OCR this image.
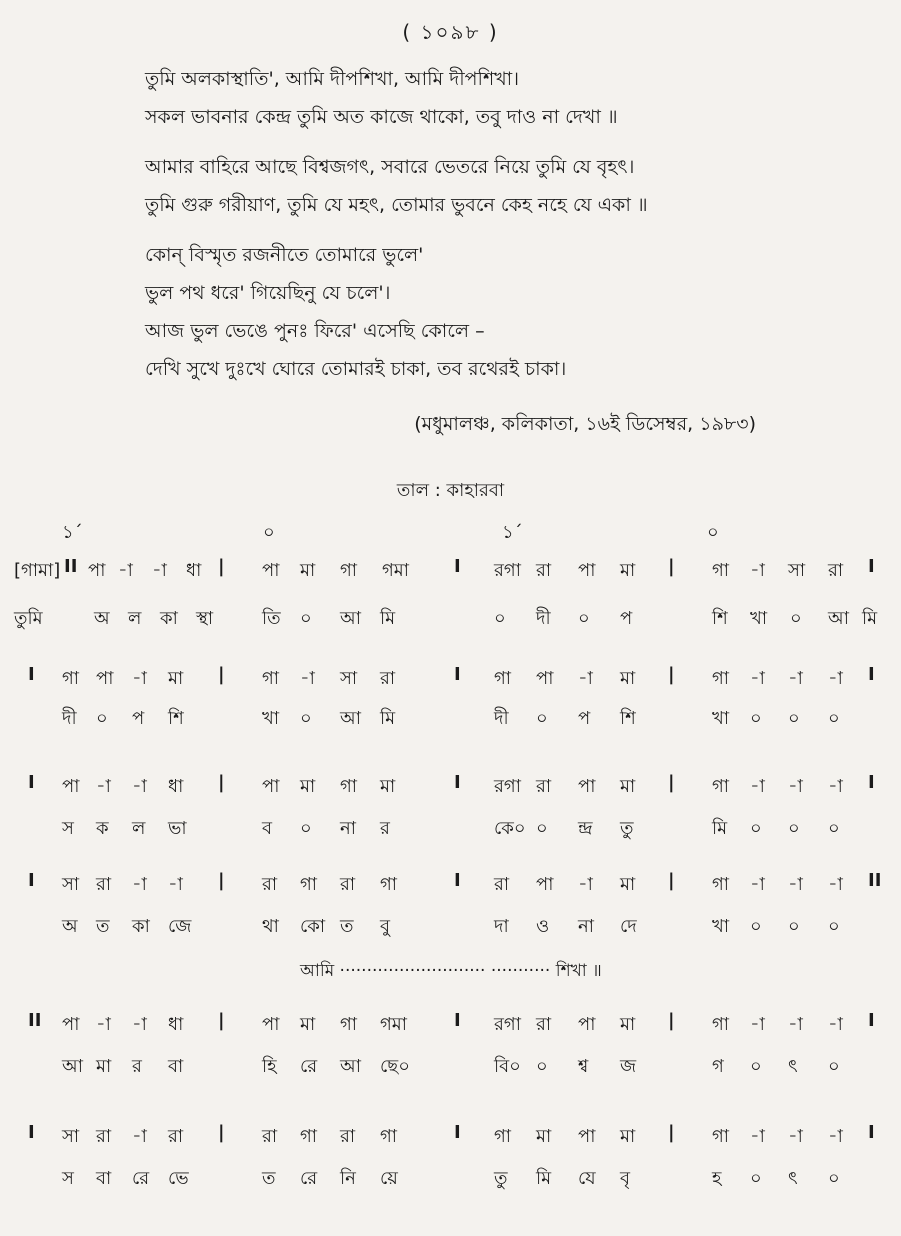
( ১০৯৮ )
তুমি অলকাস্থাতি', আমি দীপশিখা, আমি দীপশিখা।
সকল ভাবনার কেন্দ্র তুমি অত কাজে থাকো, তবু দাও না দেখা ॥
আমার বাহিরে আছে বিশ্বজগৎ, সবারে ভেতরে নিয়ে তুমি যে বৃহৎ।
তুমি গুরু গরীয়াণ, তুমি যে মহৎ, তোমার ভুবনে কেহ নহে যে একা ॥
কোন্ বিস্মৃত রজনীতে তোমারে ভুলে'
ভুল পথ ধরে' গিয়েছিনু যে চলে'।
আজ ভুল ভেঙে পুনঃ ফিরে' এসেছি কোলে –
দেখি সুখে দুঃখে ঘোরে তোমারই চাকা, তব রথেরই চাকা।
(মধুমালঞ্চ, কলিকাতা, ১৬ই ডিসেম্বর, ১৯৮৩)
তাল : কাহারবা
১´	০	১´	০
আমি ··························· ··········· শিখা ॥
[গামা] II পা -া -া ধা | পা মা গা গমা I রগা রা পা মা | গা -া সা রা I
তুমি	অ ল কা স্থা	তি ০ আ মি	০ দী ০ প	শি খা ০ আ মি
I গা পা -া মা | গা -া সা রা	I গা পা -া মা | গা -া -া -া I
দী ০ প শি	খা ০ আ মি	দী ০ প শি	খা ০ ০ ০
I পা -া -া ধা | পা মা গা মা	I রগা রা পা মা | গা -া -া -া I
স ক ল ভা	ব ০ না র	কে০ ০ ন্দ্র তু	মি ০ ০ ০
I সা রা -া -া | রা গা রা গা	I রা পা -া মা | গা -া -া -া II
অ ত কা জে	থা কো ত বু	দা ও না দে	খা ০ ০ ০
II পা -া -া ধা | পা মা গা গমা	I রগা রা পা মা | গা -া -া -া I
আ মা র বা	হি রে আ ছে০	বি০ ০ শ্ব জ	গ ০ ৎ ০
I সা রা -া রা | রা গা রা গা	I গা মা পা মা | গা -া -া -া I
স বা রে ভে	ত রে নি য়ে	তু মি যে বৃ	হ ০ ৎ ০
